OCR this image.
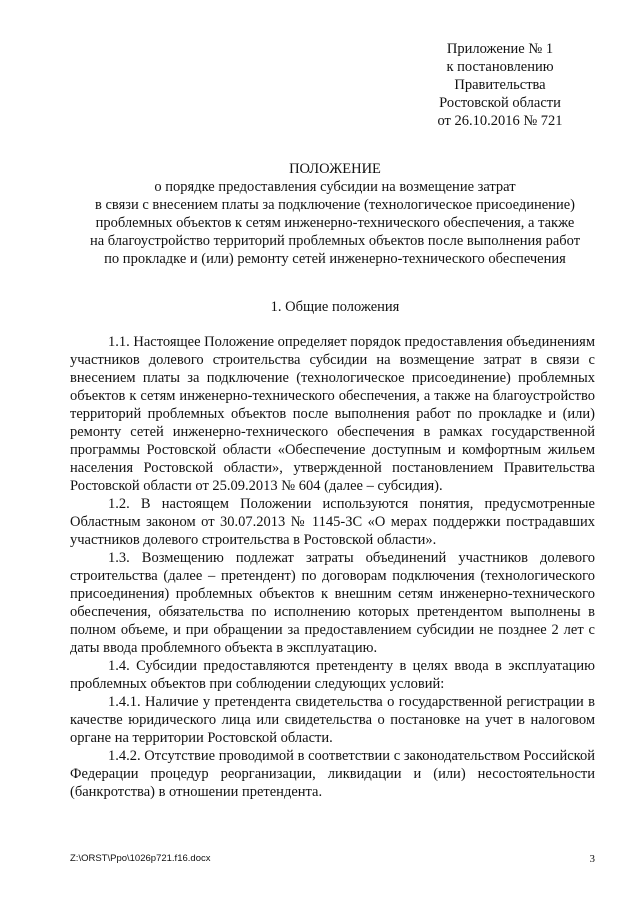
Приложение № 1
к постановлению
Правительства
Ростовской области
от 26.10.2016 № 721
ПОЛОЖЕНИЕ
о порядке предоставления субсидии на возмещение затрат
в связи с внесением платы за подключение (технологическое присоединение)
проблемных объектов к сетям инженерно-технического обеспечения, а также
на благоустройство территорий проблемных объектов после выполнения работ
по прокладке и (или) ремонту сетей инженерно-технического обеспечения
1. Общие положения

1.1. Настоящее Положение определяет порядок предоставления объединениям участников долевого строительства субсидии на возмещение затрат в связи с внесением платы за подключение (технологическое присоединение) проблемных объектов к сетям инженерно-технического обеспечения, а также на благоустройство территорий проблемных объектов после выполнения работ по прокладке и (или) ремонту сетей инженерно-технического обеспечения в рамках государственной программы Ростовской области «Обеспечение доступным и комфортным жильем населения Ростовской области», утвержденной постановлением Правительства Ростовской области от 25.09.2013 № 604 (далее – субсидия).

1.2. В настоящем Положении используются понятия, предусмотренные Областным законом от 30.07.2013 № 1145-ЗС «О мерах поддержки пострадавших участников долевого строительства в Ростовской области».

1.3. Возмещению подлежат затраты объединений участников долевого строительства (далее – претендент) по договорам подключения (технологического присоединения) проблемных объектов к внешним сетям инженерно-технического обеспечения, обязательства по исполнению которых претендентом выполнены в полном объеме, и при обращении за предоставлением субсидии не позднее 2 лет с даты ввода проблемного объекта в эксплуатацию.

1.4. Субсидии предоставляются претенденту в целях ввода в эксплуатацию проблемных объектов при соблюдении следующих условий:

1.4.1. Наличие у претендента свидетельства о государственной регистрации в качестве юридического лица или свидетельства о постановке на учет в налоговом органе на территории Ростовской области.

1.4.2. Отсутствие проводимой в соответствии с законодательством Российской Федерации процедур реорганизации, ликвидации и (или) несостоятельности (банкротства) в отношении претендента.

Z:\ORST\Ppo\1026p721.f16.docx	3
